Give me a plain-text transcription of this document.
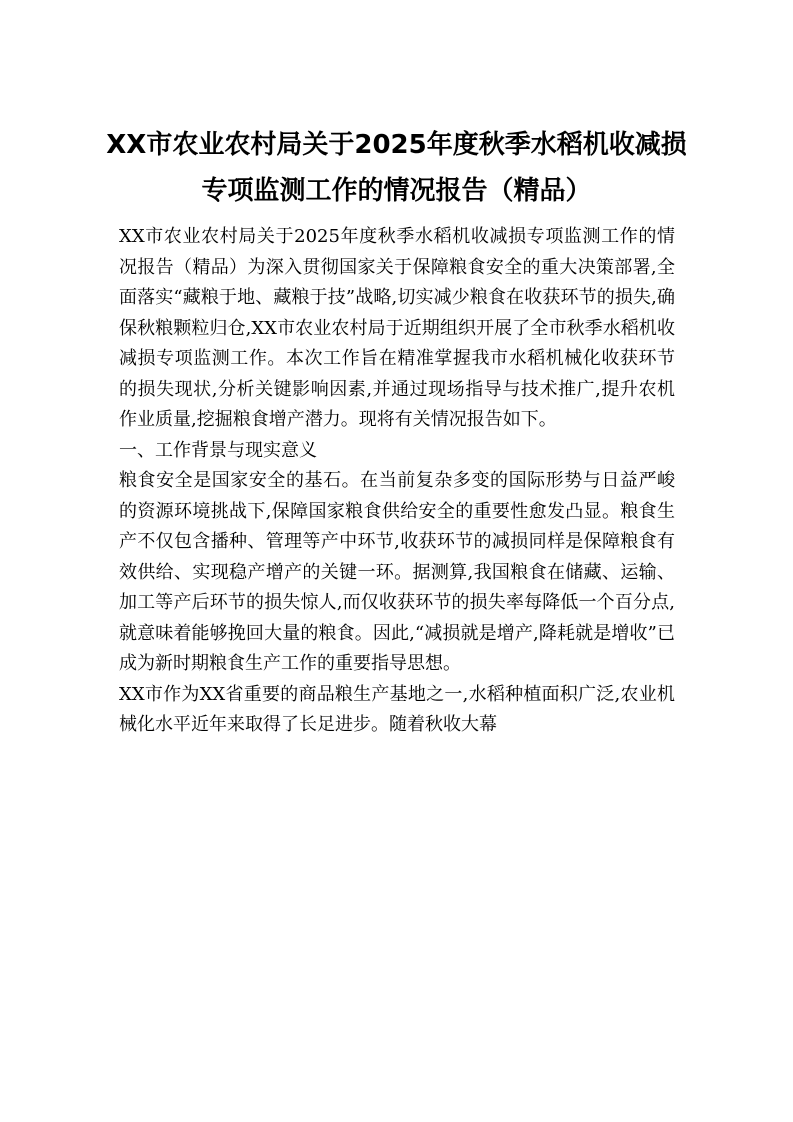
XX市农业农村局关于2025年度秋季水稻机收减损专项监测工作的情况报告（精品）

XX市农业农村局关于2025年度秋季水稻机收减损专项监测工作的情况报告（精品）为深入贯彻国家关于保障粮食安全的重大决策部署,全面落实“藏粮于地、藏粮于技”战略,切实减少粮食在收获环节的损失,确保秋粮颗粒归仓,XX市农业农村局于近期组织开展了全市秋季水稻机收减损专项监测工作。本次工作旨在精准掌握我市水稻机械化收获环节的损失现状,分析关键影响因素,并通过现场指导与技术推广,提升农机作业质量,挖掘粮食增产潜力。现将有关情况报告如下。

一、工作背景与现实意义

粮食安全是国家安全的基石。在当前复杂多变的国际形势与日益严峻的资源环境挑战下,保障国家粮食供给安全的重要性愈发凸显。粮食生产不仅包含播种、管理等产中环节,收获环节的减损同样是保障粮食有效供给、实现稳产增产的关键一环。据测算,我国粮食在储藏、运输、加工等产后环节的损失惊人,而仅收获环节的损失率每降低一个百分点,就意味着能够挽回大量的粮食。因此,“减损就是增产,降耗就是增收”已成为新时期粮食生产工作的重要指导思想。

XX市作为XX省重要的商品粮生产基地之一,水稻种植面积广泛,农业机械化水平近年来取得了长足进步。随着秋收大幕
